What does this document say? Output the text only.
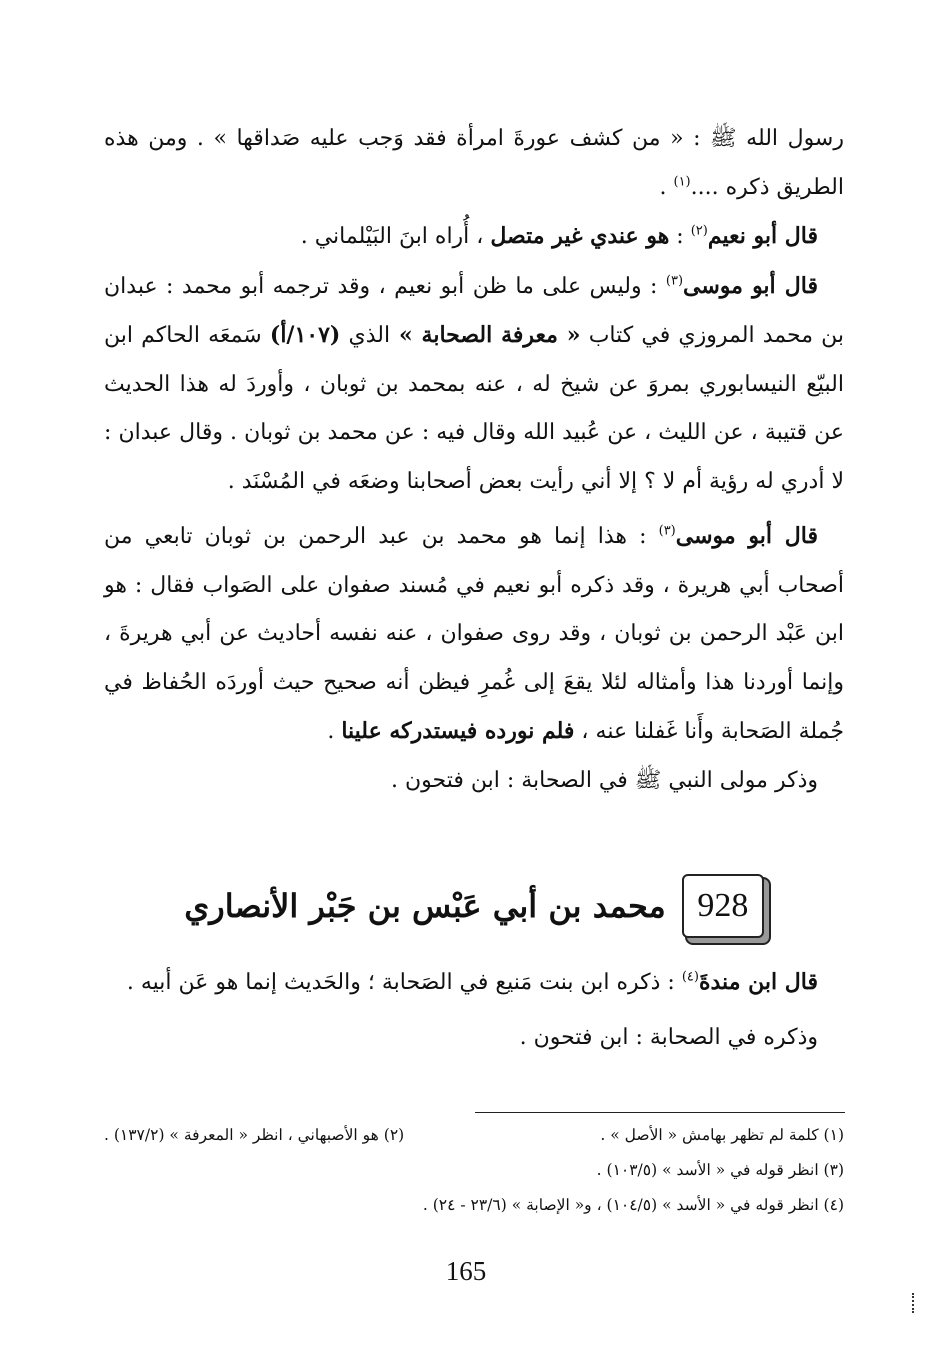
رسول الله ﷺ : « من كشف عورةَ امرأة فقد وَجب عليه صَداقها » . ومن هذه الطريق ذكره ....$^{(١)}$ .

قال أبو نعيم$^{(٢)}$ : هو عندي غير متصل ، أُراه ابنَ البَيْلماني .

قال أبو موسى$^{(٣)}$ : وليس على ما ظن أبو نعيم ، وقد ترجمه أبو محمد : عبدان بن محمد المروزي في كتاب « معرفة الصحابة » الذي (١٠٧/أ) سَمعَه الحاكم ابن البيّع النيسابوري بمروَ عن شيخ له ، عنه بمحمد بن ثوبان ، وأوردَ له هذا الحديث عن قتيبة ، عن الليث ، عن عُبيد الله وقال فيه : عن محمد بن ثوبان . وقال عبدان : لا أدري له رؤية أم لا ؟ إلا أني رأيت بعض أصحابنا وضعَه في المُسْنَد .

قال أبو موسى$^{(٣)}$ : هذا إنما هو محمد بن عبد الرحمن بن ثوبان تابعي من أصحاب أبي هريرة ، وقد ذكره أبو نعيم في مُسند صفوان على الصَواب فقال : هو ابن عَبْد الرحمن بن ثوبان ، وقد روى صفوان ، عنه نفسه أحاديث عن أبي هريرةَ ، وإنما أوردنا هذا وأمثاله لئلا يقعَ إلى غُمرِ فيظن أنه صحيح حيث أوردَه الحُفاظ في جُملة الصَحابة وأَنا غَفلنا عنه ، فلم نورده فيستدركه علينا .

وذكر مولى النبي ﷺ في الصحابة : ابن فتحون .

928
محمد بن أبي عَبْس بن جَبْر الأنصاري

قال ابن مندةَ$^{(٤)}$ : ذكره ابن بنت مَنيع في الصَحابة ؛ والحَديث إنما هو عَن أبيه .

وذكره في الصحابة : ابن فتحون .

(١) كلمة لم تظهر بهامش « الأصل » .
(٢) هو الأصبهاني ، انظر « المعرفة » (١٣٧/٢) .
(٣) انظر قوله في « الأسد » (١٠٣/٥) .
(٤) انظر قوله في « الأسد » (١٠٤/٥) ، و« الإصابة » (٢٣/٦ - ٢٤) .
165
